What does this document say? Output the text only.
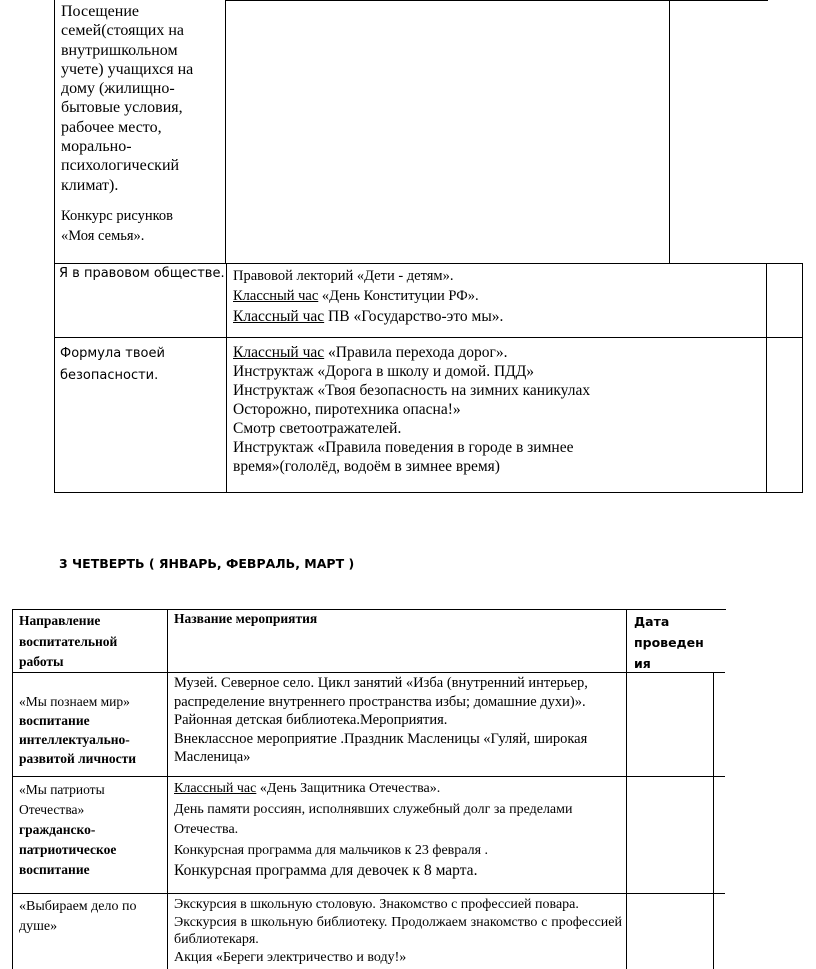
Посещение
семей(стоящих на
внутришкольном
учете) учащихся на
дому (жилищно-
бытовые условия,
рабочее место,
морально-
психологический
климат).
Конкурс рисунков
«Моя семья».
Я в правовом обществе. Правовой лекторий «Дети - детям».
Классный час «День Конституции РФ».
Классный час ПВ «Государство-это мы».
Формула твоей
безопасности.
Классный час «Правила перехода дорог».
Инструктаж «Дорога в школу и домой. ПДД»
Инструктаж «Твоя безопасность на зимних каникулах
Осторожно, пиротехника опасна!»
Смотр светоотражателей.
Инструктаж «Правила поведения в городе в зимнее
время»(гололёд, водоём в зимнее время)
3 ЧЕТВЕРТЬ ( ЯНВАРЬ, ФЕВРАЛЬ, МАРТ )
Направление
воспитательной
работы
Название мероприятия	Дата
проведен
ия
«Мы познаем мир»
воспитание
интеллектуально-
развитой личности
Музей. Северное село. Цикл занятий «Изба (внутренний интерьер,
распределение внутреннего пространства избы; домашние духи)».
Районная детская библиотека.Мероприятия.
Внеклассное мероприятие .Праздник Масленицы «Гуляй, широкая
Масленица»
«Мы патриоты
Отечества»
гражданско-
патриотическое
воспитание
Классный час «День Защитника Отечества».
День памяти россиян, исполнявших служебный долг за пределами
Отечества.
Конкурсная программа для мальчиков к 23 февраля .
Конкурсная программа для девочек к 8 марта.
«Выбираем дело по
душе»
Экскурсия в школьную столовую. Знакомство с профессией повара.
Экскурсия в школьную библиотеку. Продолжаем знакомство с профессией библиотекаря.
Акция «Береги электричество и воду!»
